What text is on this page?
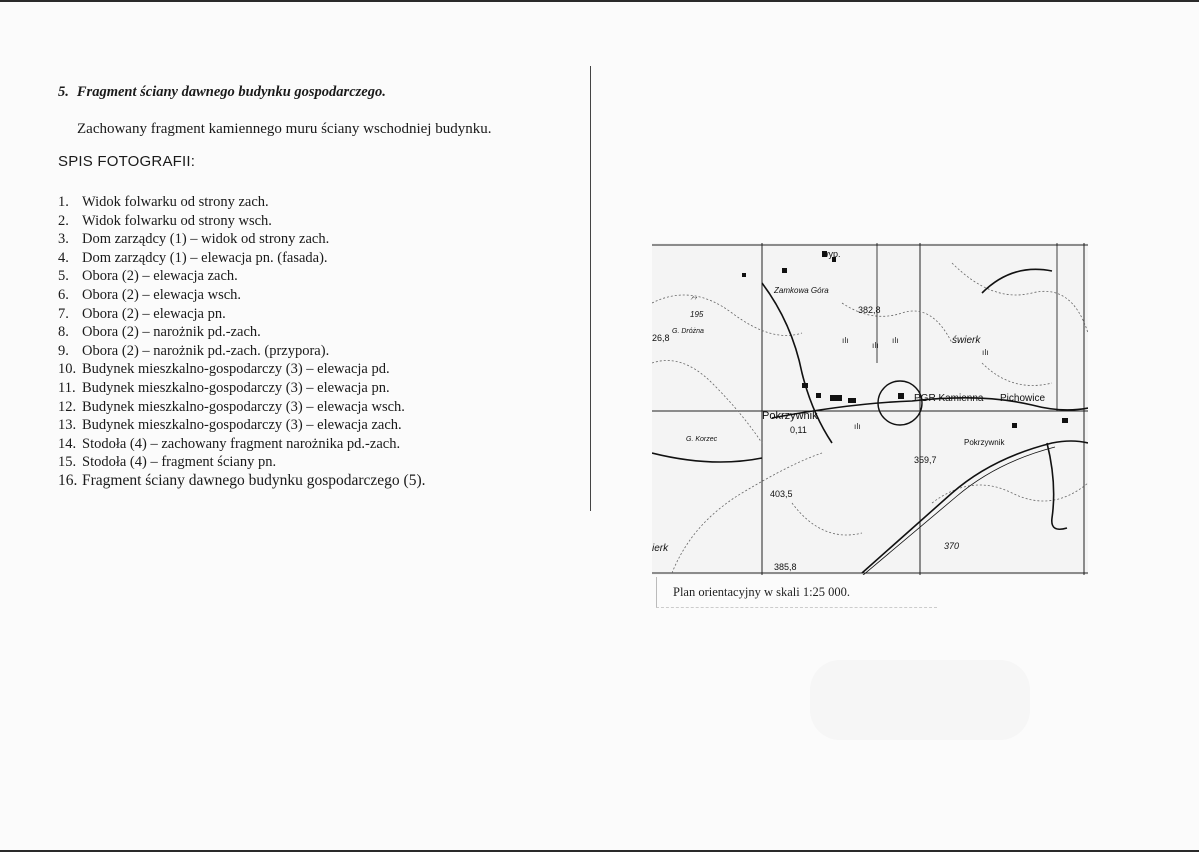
5. Fragment ściany dawnego budynku gospodarczego.
Zachowany fragment kamiennego muru ściany wschodniej budynku.
SPIS FOTOGRAFII:
1. Widok folwarku od strony zach.
2. Widok folwarku od strony wsch.
3. Dom zarządcy (1) – widok od strony zach.
4. Dom zarządcy (1) – elewacja pn. (fasada).
5. Obora (2) – elewacja zach.
6. Obora (2) – elewacja wsch.
7. Obora (2) – elewacja pn.
8. Obora (2) – narożnik pd.-zach.
9. Obora (2) – narożnik pd.-zach. (przypora).
10. Budynek mieszkalno-gospodarczy (3) – elewacja pd.
11. Budynek mieszkalno-gospodarczy (3) – elewacja pn.
12. Budynek mieszkalno-gospodarczy (3) – elewacja wsch.
13. Budynek mieszkalno-gospodarczy (3) – elewacja zach.
14. Stodoła (4) – zachowany fragment narożnika pd.-zach.
15. Stodoła (4) – fragment ściany pn.
16. Fragment ściany dawnego budynku gospodarczego (5).
wyp.
Zamkowa Góra
195
G. Dróżna
26,8
382,8
świerk
PGR Kamienna Pichowice
Pokrzywnik
0,11
G. Korzec	Pokrzywnik
359,7
403,5
ierk
385,8
370
⺈
ılı
ılı
ılı
ılı
ılı
Plan orientacyjny w skali 1:25 000.
